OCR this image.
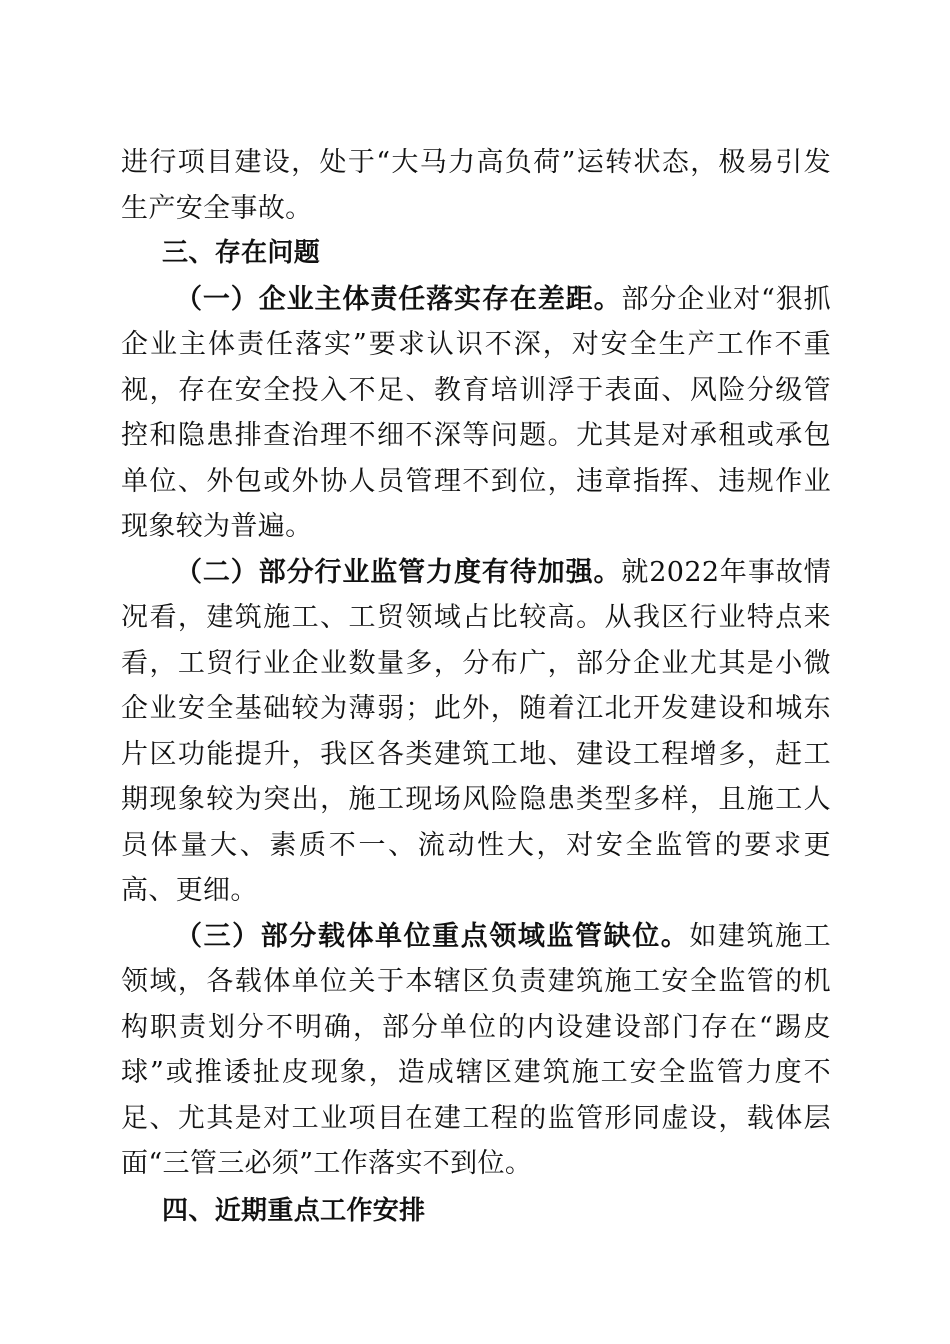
进行项目建设，处于“大马力高负荷”运转状态，极易引发生产安全事故。

三、存在问题

（一）企业主体责任落实存在差距。部分企业对“狠抓企业主体责任落实”要求认识不深，对安全生产工作不重视，存在安全投入不足、教育培训浮于表面、风险分级管控和隐患排查治理不细不深等问题。尤其是对承租或承包单位、外包或外协人员管理不到位，违章指挥、违规作业现象较为普遍。

（二）部分行业监管力度有待加强。就2022年事故情况看，建筑施工、工贸领域占比较高。从我区行业特点来看，工贸行业企业数量多，分布广，部分企业尤其是小微企业安全基础较为薄弱；此外，随着江北开发建设和城东片区功能提升，我区各类建筑工地、建设工程增多，赶工期现象较为突出，施工现场风险隐患类型多样，且施工人员体量大、素质不一、流动性大，对安全监管的要求更高、更细。

（三）部分载体单位重点领域监管缺位。如建筑施工领域，各载体单位关于本辖区负责建筑施工安全监管的机构职责划分不明确，部分单位的内设建设部门存在“踢皮球”或推诿扯皮现象，造成辖区建筑施工安全监管力度不足、尤其是对工业项目在建工程的监管形同虚设，载体层面“三管三必须”工作落实不到位。

四、近期重点工作安排
